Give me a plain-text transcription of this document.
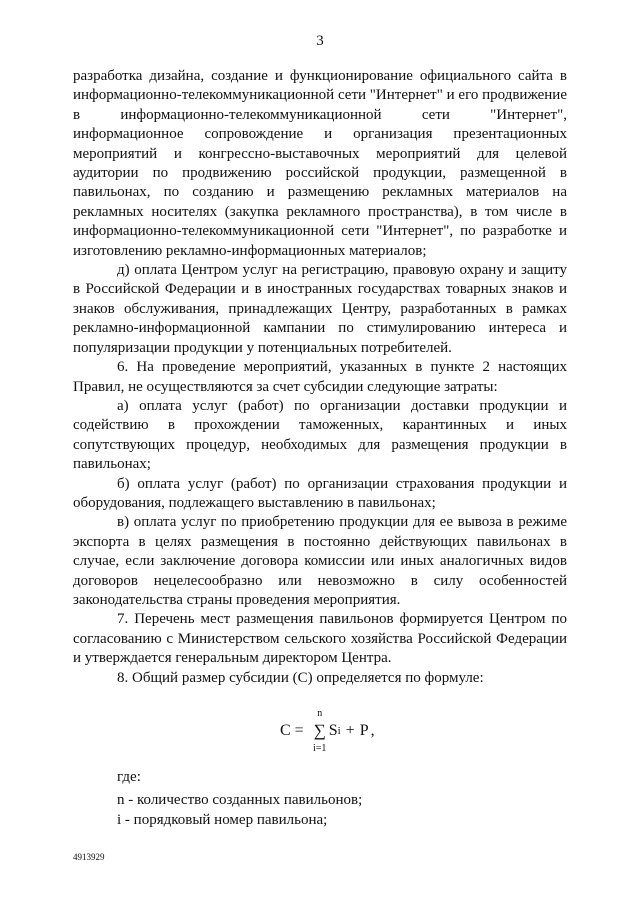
3

разработка дизайна, создание и функционирование официального сайта в информационно-телекоммуникационной сети "Интернет" и его продвижение в информационно-телекоммуникационной сети "Интернет", информационное сопровождение и организация презентационных мероприятий и конгрессно-выставочных мероприятий для целевой аудитории по продвижению российской продукции, размещенной в павильонах, по созданию и размещению рекламных материалов на рекламных носителях (закупка рекламного пространства), в том числе в информационно-телекоммуникационной сети "Интернет", по разработке и изготовлению рекламно-информационных материалов;

д) оплата Центром услуг на регистрацию, правовую охрану и защиту в Российской Федерации и в иностранных государствах товарных знаков и знаков обслуживания, принадлежащих Центру, разработанных в рамках рекламно-информационной кампании по стимулированию интереса и популяризации продукции у потенциальных потребителей.

6. На проведение мероприятий, указанных в пункте 2 настоящих Правил, не осуществляются за счет субсидии следующие затраты:

а) оплата услуг (работ) по организации доставки продукции и содействию в прохождении таможенных, карантинных и иных сопутствующих процедур, необходимых для размещения продукции в павильонах;

б) оплата услуг (работ) по организации страхования продукции и оборудования, подлежащего выставлению в павильонах;

в) оплата услуг по приобретению продукции для ее вывоза в режиме экспорта в целях размещения в постоянно действующих павильонах в случае, если заключение договора комиссии или иных аналогичных видов договоров нецелесообразно или невозможно в силу особенностей законодательства страны проведения мероприятия.

7. Перечень мест размещения павильонов формируется Центром по согласованию с Министерством сельского хозяйства Российской Федерации и утверждается генеральным директором Центра.

8. Общий размер субсидии (С) определяется по формуле:

С =
n
∑
i=1
S i + Р ,

где:

n - количество созданных павильонов;

i - порядковый номер павильона;

4913929
